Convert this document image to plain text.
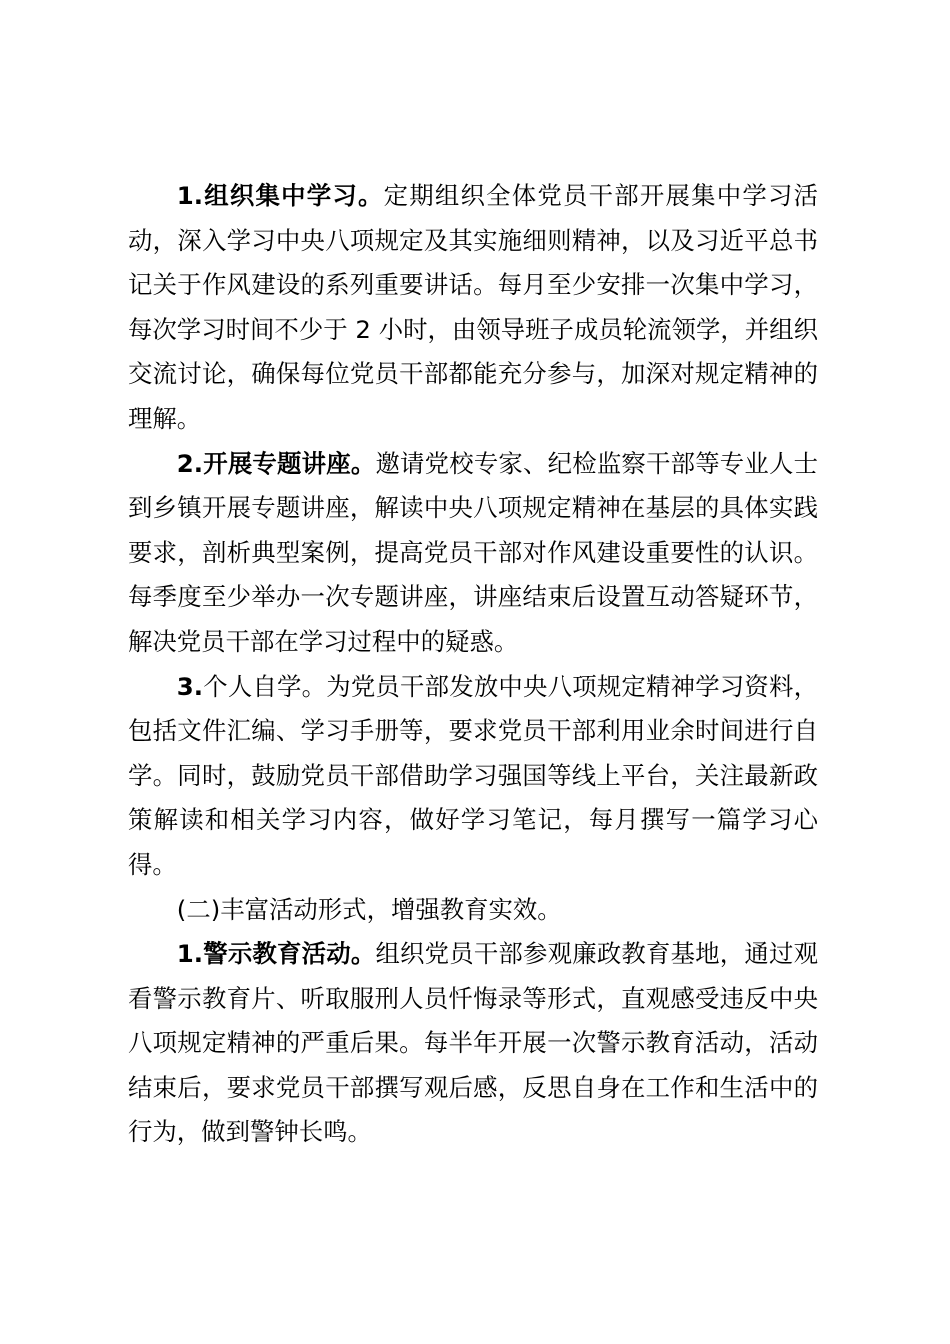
1.组织集中学习。定期组织全体党员干部开展集中学习活动，深入学习中央八项规定及其实施细则精神，以及习近平总书记关于作风建设的系列重要讲话。每月至少安排一次集中学习，每次学习时间不少于 2 小时，由领导班子成员轮流领学，并组织交流讨论，确保每位党员干部都能充分参与，加深对规定精神的理解。

2.开展专题讲座。邀请党校专家、纪检监察干部等专业人士到乡镇开展专题讲座，解读中央八项规定精神在基层的具体实践要求，剖析典型案例，提高党员干部对作风建设重要性的认识。每季度至少举办一次专题讲座，讲座结束后设置互动答疑环节，解决党员干部在学习过程中的疑惑。

3.个人自学。为党员干部发放中央八项规定精神学习资料，包括文件汇编、学习手册等，要求党员干部利用业余时间进行自学。同时，鼓励党员干部借助学习强国等线上平台，关注最新政策解读和相关学习内容，做好学习笔记，每月撰写一篇学习心得。

(二)丰富活动形式，增强教育实效。

1.警示教育活动。组织党员干部参观廉政教育基地，通过观看警示教育片、听取服刑人员忏悔录等形式，直观感受违反中央八项规定精神的严重后果。每半年开展一次警示教育活动，活动结束后，要求党员干部撰写观后感，反思自身在工作和生活中的行为，做到警钟长鸣。
